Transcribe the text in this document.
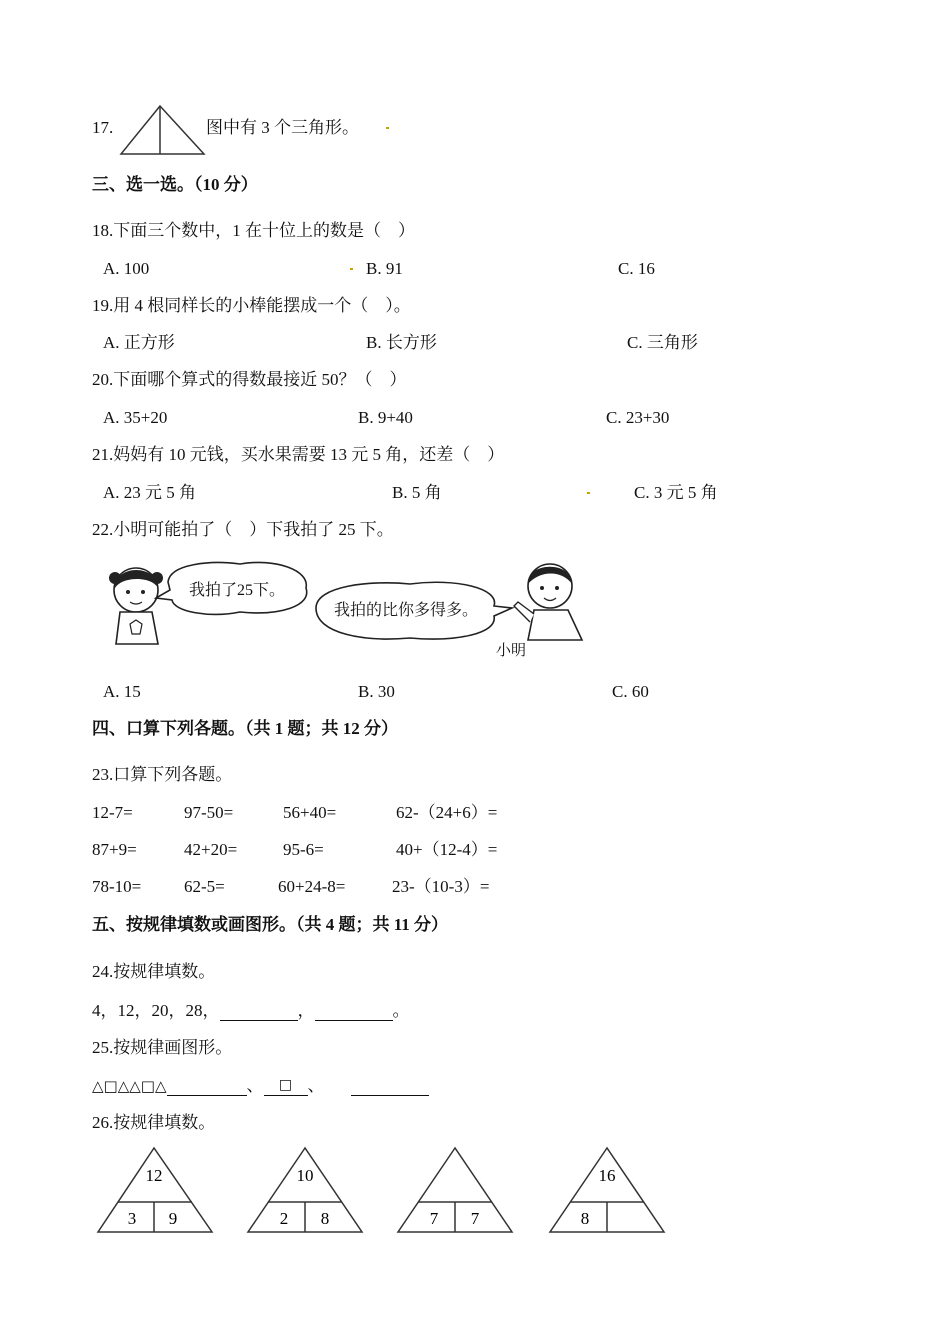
17.	图中有 3 个三角形。
三、选一选。（10 分）
18.下面三个数中，1 在十位上的数是（　）
A. 100	B. 91	C. 16
19.用 4 根同样长的小棒能摆成一个（　）。
A. 正方形	B. 长方形	C. 三角形
20.下面哪个算式的得数最接近 50？（　）
A. 35+20	B. 9+40	C. 23+30
21.妈妈有 10 元钱，买水果需要 13 元 5 角，还差（　）
A. 23 元 5 角	B. 5 角	C. 3 元 5 角
22.小明可能拍了（　）下我拍了 25 下。
我拍了25下。
我拍的比你多得多。
小明
A. 15	B. 30	C. 60
四、口算下列各题。（共 1 题；共 12 分）
23.口算下列各题。
12-7=	97-50=	56+40=	62-（24+6）=
87+9=	42+20=	95-6=	40+（12-4）=
78-10=	62-5=	60+24-8=	23-（10-3）=
五、按规律填数或画图形。（共 4 题；共 11 分）
24.按规律填数。
4，12，20，28，	，	。
25.按规律画图形。
△□△△□△	、 □ 、
26.按规律填数。
12
3 9
10
2 8	7 7
16
8
